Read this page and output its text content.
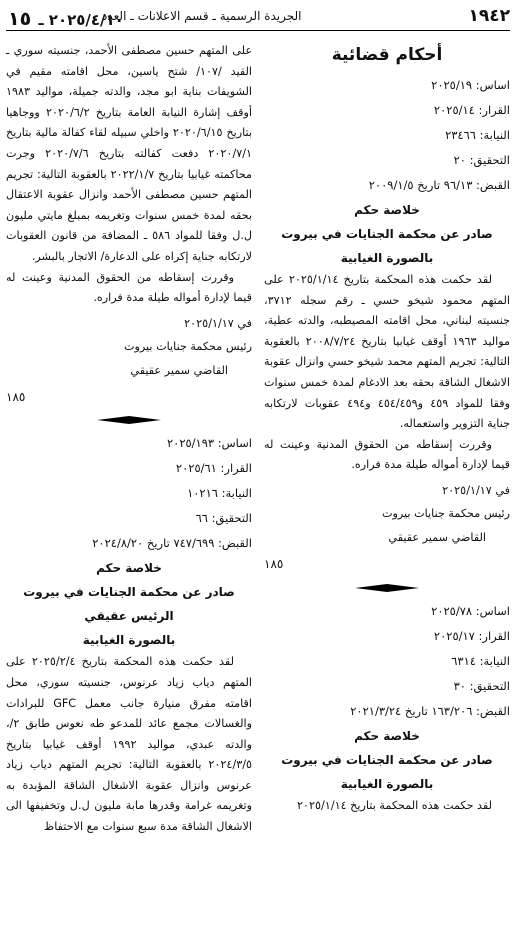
٢٠٢٥/٤/١٠ ـ ١٥	الجريدة الرسمية ـ قسم الاعلانات ـ العدد	١٩٤٢
أحكام قضائية
اساس: ٢٠٢٥/١٩
القرار: ٢٠٢٥/١٤
النيابة: ٢٣٤٦٦
التحقيق: ٢٠
القبض: ٩٦/١٣ تاريخ ٢٠٠٩/١/٥
خلاصة حكم
صادر عن محكمة الجنايات في بيروت
بالصورة الغيابية

لقد حكمت هذه المحكمة بتاريخ ٢٠٢٥/١/١٤ على المتهم محمود شيخو حسي ـ رقم سجله ٣٧١٢، جنسيته لبناني، محل اقامته المصيطبه، والدته عطية، مواليد ١٩٦٣ أوقف غيابيا بتاريخ ٢٠٠٨/٧/٢٤ بالعقوبة التالية: تجريم المتهم محمد شيخو حسي وانزال عقوبة الاشغال الشاقة بحقه بعد الادغام لمدة خمس سنوات وفقا للمواد ٤٥٩ و٤٥٤/٤٥٩ و٤٩٤ عقوبات لارتكابه جناية التزوير واستعماله.

وقررت إسقاطه من الحقوق المدنية وعينت له قيما لإدارة أمواله طيلة مدة فراره.

في ٢٠٢٥/١/١٧
رئيس محكمة جنايات بيروت
القاضي سمير عقيقي
١٨٥
اساس: ٢٠٢٥/٧٨
القرار: ٢٠٢٥/١٧
النيابة: ٦٣١٤
التحقيق: ٣٠
القبض: ١٦٣/٢٠٦ تاريخ ٢٠٢١/٣/٢٤
خلاصة حكم
صادر عن محكمة الجنايات في بيروت
بالصورة الغيابية

لقد حكمت هذه المحكمة بتاريخ ٢٠٢٥/١/١٤

على المتهم حسين مصطفى الأحمد، جنسيته سوري ـ القيد /١٠٧/ شتح ياسين، محل اقامته مقيم في الشويفات بناية ابو مجد، والدته جميلة، مواليد ١٩٨٣ أوقف إشارة النيابة العامة بتاريخ ٢٠٢٠/٦/٢ ووجاهيا بتاريخ ٢٠٢٠/٦/١٥ واخلي سبيله لقاء كفالة مالية بتاريخ ٢٠٢٠/٧/١ دفعت كفالته بتاريخ ٢٠٢٠/٧/٦ وجرت محاكمته غيابيا بتاريخ ٢٠٢٢/١/٧ بالعقوبة التالية: تجريم المتهم حسين مصطفى الأحمد وانزال عقوبة الاعتقال بحقه لمدة خمس سنوات وتغريمه بمبلغ مايتي مليون ل.ل وفقا للمواد ٥٨٦ ـ المضافة من قانون العقوبات لارتكابه جناية إكراه على الدعارة/ الاتجار بالبشر.

وقررت إسقاطه من الحقوق المدنية وعينت له قيما لإدارة أمواله طيلة مدة فراره.

في ٢٠٢٥/١/١٧
رئيس محكمة جنايات بيروت
القاضي سمير عقيقي
١٨٥
اساس: ٢٠٢٥/١٩٣
القرار: ٢٠٢٥/٦١
النيابة: ١٠٢١٦
التحقيق: ٦٦
القبض: ٧٤٧/٦٩٩ تاريخ ٢٠٢٤/٨/٢٠
خلاصة حكم
صادر عن محكمة الجنايات في بيروت
الرئيس عقيقي
بالصورة الغيابية

لقد حكمت هذه المحكمة بتاريخ ٢٠٢٥/٢/٤ على المتهم دياب زياد عرنوس، جنسيته سوري، محل اقامته مفرق منيارة جانب معمل GFC للبرادات والغسالات مجمع عائد للمدعو طه نعوس طابق ٢/، والدته عبدي، مواليد ١٩٩٢ أوقف غيابيا بتاريخ ٢٠٢٤/٣/٥ بالعقوبة التالية: تجريم المتهم دياب زياد عرنوس وانزال عقوبة الاشغال الشاقة المؤبدة به وتغريمه غرامة وقدرها مابة مليون ل.ل وتخفيفها الى الاشغال الشاقة مدة سبع سنوات مع الاحتفاظ
